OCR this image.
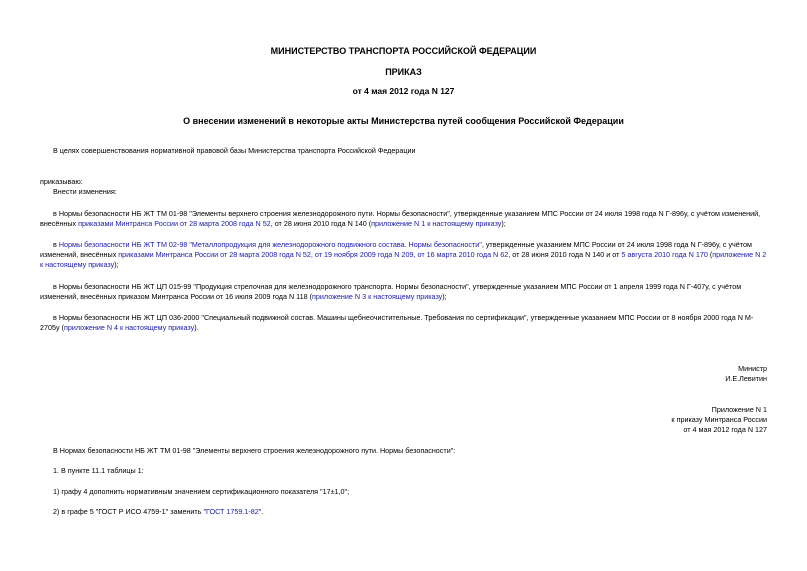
МИНИСТЕРСТВО ТРАНСПОРТА РОССИЙСКОЙ ФЕДЕРАЦИИ
ПРИКАЗ
от 4 мая 2012 года N 127
О внесении изменений в некоторые акты Министерства путей сообщения Российской Федерации
В целях совершенствования нормативной правовой базы Министерства транспорта Российской Федерации
приказываю:
Внести изменения:
в Нормы безопасности НБ ЖТ ТМ 01-98 "Элементы верхнего строения железнодорожного пути. Нормы безопасности", утвержденные указанием МПС России от 24 июля 1998 года N Г-896у, с учётом изменений,
внесённых приказами Минтранса России от 28 марта 2008 года N 52, от 28 июня 2010 года N 140 (приложение N 1 к настоящему приказу);
в Нормы безопасности НБ ЖТ ТМ 02-98 "Металлопродукция для железнодорожного подвижного состава. Нормы безопасности", утвержденные указанием МПС России от 24 июля 1998 года N Г-896у, с учётом
изменений, внесённых приказами Минтранса России от 28 марта 2008 года N 52, от 19 ноября 2009 года N 209, от 16 марта 2010 года N 62, от 28 июня 2010 года N 140 и от 5 августа 2010 года N 170 (приложение N 2
к настоящему приказу);
в Нормы безопасности НБ ЖТ ЦП 015-99 "Продукция стрелочная для железнодорожного транспорта. Нормы безопасности", утвержденные указанием МПС России от 1 апреля 1999 года N Г-407у, с учётом
изменений, внесённых приказом Минтранса России от 16 июля 2009 года N 118 (приложение N 3 к настоящему приказу);
в Нормы безопасности НБ ЖТ ЦП 036-2000 "Специальный подвижной состав. Машины щебнеочистительные. Требования по сертификации", утвержденные указанием МПС России от 8 ноября 2000 года N М-
2705у (приложение N 4 к настоящему приказу).
Министр
И.Е.Левитин
Приложение N 1
к приказу Минтранса России
от 4 мая 2012 года N 127
В Нормах безопасности НБ ЖТ ТМ 01-98 "Элементы верхнего строения железнодорожного пути. Нормы безопасности":
1. В пункте 11.1 таблицы 1:
1) графу 4 дополнить нормативным значением сертификационного показателя "17±1,0";
2) в графе 5 "ГОСТ Р ИСО 4759-1" заменить "ГОСТ 1759.1-82".
